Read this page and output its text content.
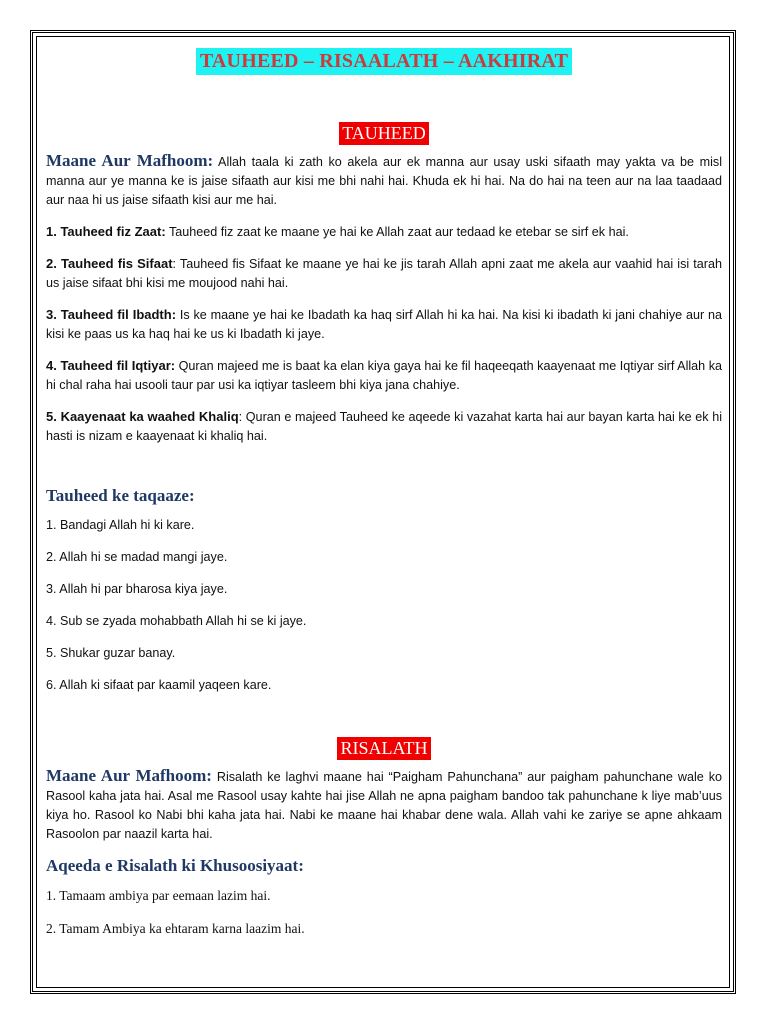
TAUHEED – RISAALATH – AAKHIRAT
TAUHEED

Maane Aur Mafhoom: Allah taala ki zath ko akela aur ek manna aur usay uski sifaath may yakta va be misl manna aur ye manna ke is jaise sifaath aur kisi me bhi nahi hai. Khuda ek hi hai. Na do hai na teen aur na laa taadaad aur naa hi us jaise sifaath kisi aur me hai.

1. Tauheed fiz Zaat: Tauheed fiz zaat ke maane ye hai ke Allah zaat aur tedaad ke etebar se sirf ek hai.

2. Tauheed fis Sifaat: Tauheed fis Sifaat ke maane ye hai ke jis tarah Allah apni zaat me akela aur vaahid hai isi tarah us jaise sifaat bhi kisi me moujood nahi hai.

3. Tauheed fil Ibadth: Is ke maane ye hai ke Ibadath ka haq sirf Allah hi ka hai. Na kisi ki ibadath ki jani chahiye aur na kisi ke paas us ka haq hai ke us ki Ibadath ki jaye.

4. Tauheed fil Iqtiyar: Quran majeed me is baat ka elan kiya gaya hai ke fil haqeeqath kaayenaat me Iqtiyar sirf Allah ka hi chal raha hai usooli taur par usi ka iqtiyar tasleem bhi kiya jana chahiye.

5. Kaayenaat ka waahed Khaliq: Quran e majeed Tauheed ke aqeede ki vazahat karta hai aur bayan karta hai ke ek hi hasti is nizam e kaayenaat ki khaliq hai.

Tauheed ke taqaaze:

1. Bandagi Allah hi ki kare.

2. Allah hi se madad mangi jaye.

3. Allah hi par bharosa kiya jaye.

4. Sub se zyada mohabbath Allah hi se ki jaye.

5. Shukar guzar banay.

6. Allah ki sifaat par kaamil yaqeen kare.

RISALATH

Maane Aur Mafhoom: Risalath ke laghvi maane hai “Paigham Pahunchana” aur paigham pahunchane wale ko Rasool kaha jata hai. Asal me Rasool usay kahte hai jise Allah ne apna paigham bandoo tak pahunchane k liye mab’uus kiya ho. Rasool ko Nabi bhi kaha jata hai. Nabi ke maane hai khabar dene wala. Allah vahi ke zariye se apne ahkaam Rasoolon par naazil karta hai.

Aqeeda e Risalath ki Khusoosiyaat:

1. Tamaam ambiya par eemaan lazim hai.

2. Tamam Ambiya ka ehtaram karna laazim hai.
